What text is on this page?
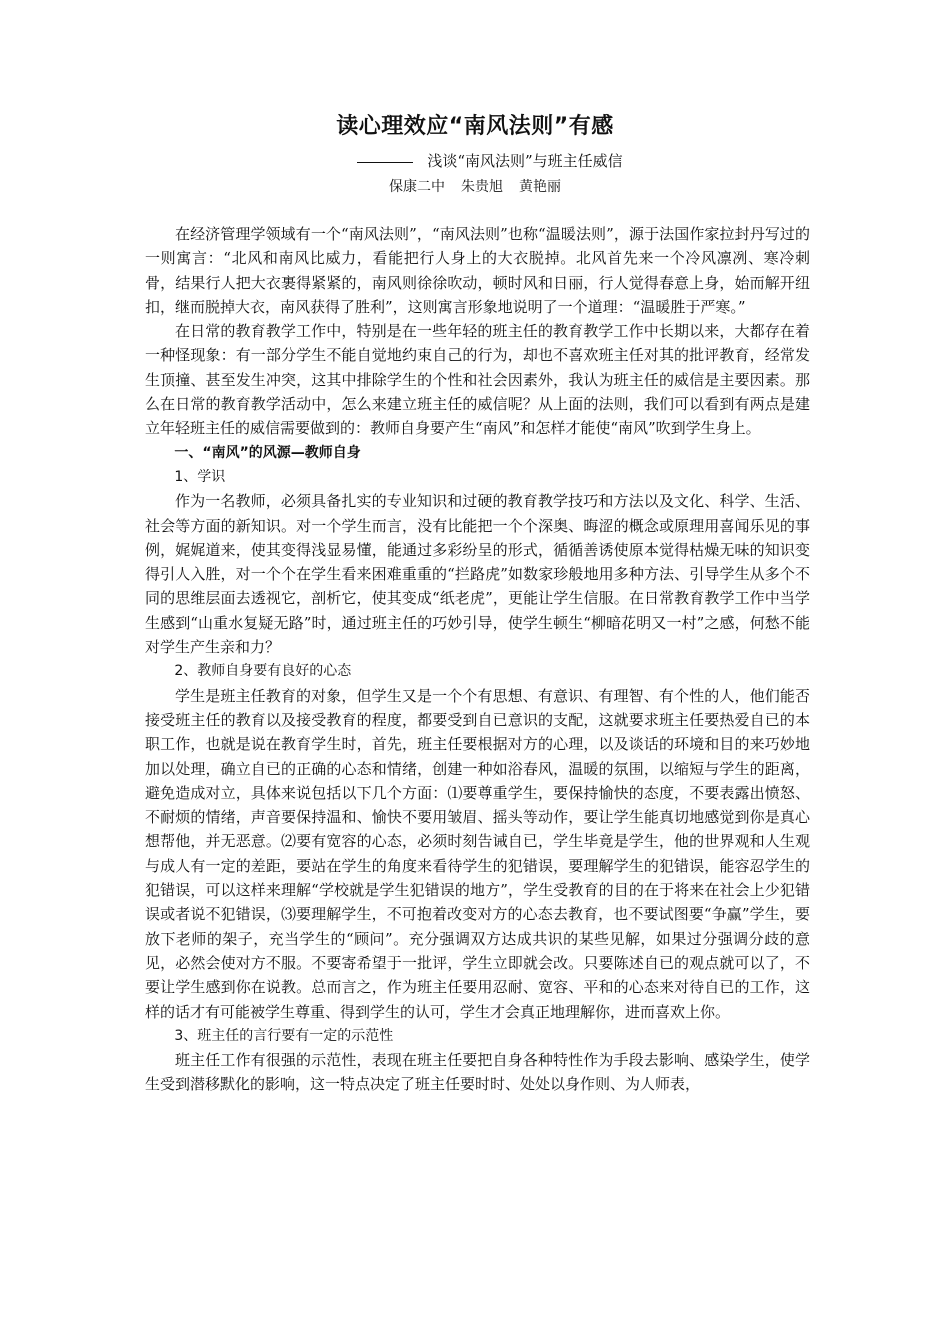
读心理效应“南风法则”有感
浅谈“南风法则”与班主任威信
保康二中 朱贵旭 黄艳丽

在经济管理学领域有一个“南风法则”，“南风法则”也称“温暖法则”，源于法国作家拉封丹写过的一则寓言：“北风和南风比威力，看能把行人身上的大衣脱掉。北风首先来一个冷风凛冽、寒冷刺骨，结果行人把大衣裹得紧紧的，南风则徐徐吹动，顿时风和日丽，行人觉得春意上身，始而解开纽扣，继而脱掉大衣，南风获得了胜利”，这则寓言形象地说明了一个道理：“温暖胜于严寒。”

在日常的教育教学工作中，特别是在一些年轻的班主任的教育教学工作中长期以来，大都存在着一种怪现象：有一部分学生不能自觉地约束自己的行为，却也不喜欢班主任对其的批评教育，经常发生顶撞、甚至发生冲突，这其中排除学生的个性和社会因素外，我认为班主任的威信是主要因素。那么在日常的教育教学活动中，怎么来建立班主任的威信呢？从上面的法则，我们可以看到有两点是建立年轻班主任的威信需要做到的：教师自身要产生“南风”和怎样才能使“南风”吹到学生身上。

一、“南风”的风源—教师自身
1、学识

作为一名教师，必须具备扎实的专业知识和过硬的教育教学技巧和方法以及文化、科学、生活、社会等方面的新知识。对一个学生而言，没有比能把一个个深奥、晦涩的概念或原理用喜闻乐见的事例，娓娓道来，使其变得浅显易懂，能通过多彩纷呈的形式，循循善诱使原本觉得枯燥无味的知识变得引人入胜，对一个个在学生看来困难重重的“拦路虎”如数家珍般地用多种方法、引导学生从多个不同的思维层面去透视它，剖析它，使其变成“纸老虎”，更能让学生信服。在日常教育教学工作中当学生感到“山重水复疑无路”时，通过班主任的巧妙引导，使学生顿生“柳暗花明又一村”之感，何愁不能对学生产生亲和力？

2、教师自身要有良好的心态

学生是班主任教育的对象，但学生又是一个个有思想、有意识、有理智、有个性的人，他们能否接受班主任的教育以及接受教育的程度，都要受到自已意识的支配，这就要求班主任要热爱自已的本职工作，也就是说在教育学生时，首先，班主任要根据对方的心理，以及谈话的环境和目的来巧妙地加以处理，确立自已的正确的心态和情绪，创建一种如浴春风，温暖的氛围，以缩短与学生的距离，避免造成对立，具体来说包括以下几个方面：⑴要尊重学生，要保持愉快的态度，不要表露出愤怒、不耐烦的情绪，声音要保持温和、愉快不要用皱眉、摇头等动作，要让学生能真切地感觉到你是真心想帮他，并无恶意。⑵要有宽容的心态，必须时刻告诫自已，学生毕竟是学生，他的世界观和人生观与成人有一定的差距，要站在学生的角度来看待学生的犯错误，要理解学生的犯错误，能容忍学生的犯错误，可以这样来理解“学校就是学生犯错误的地方”，学生受教育的目的在于将来在社会上少犯错误或者说不犯错误，⑶要理解学生，不可抱着改变对方的心态去教育，也不要试图要“争赢”学生，要放下老师的架子，充当学生的“顾问”。充分强调双方达成共识的某些见解，如果过分强调分歧的意见，必然会使对方不服。不要寄希望于一批评，学生立即就会改。只要陈述自已的观点就可以了，不要让学生感到你在说教。总而言之，作为班主任要用忍耐、宽容、平和的心态来对待自已的工作，这样的话才有可能被学生尊重、得到学生的认可，学生才会真正地理解你，进而喜欢上你。

3、班主任的言行要有一定的示范性

班主任工作有很强的示范性，表现在班主任要把自身各种特性作为手段去影响、感染学生，使学生受到潜移默化的影响，这一特点决定了班主任要时时、处处以身作则、为人师表，
